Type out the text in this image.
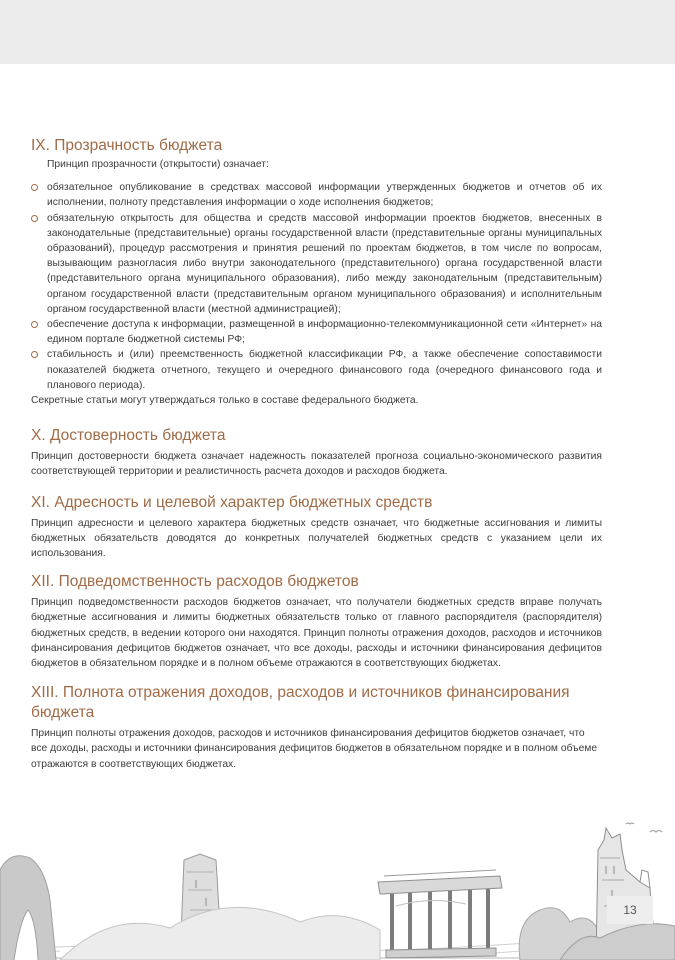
IX. Прозрачность бюджета

Принцип прозрачности (открытости) означает:

обязательное опубликование в средствах массовой информации утвержденных бюджетов и отчетов об их исполнении, полноту представления информации о ходе исполнения бюджетов;
обязательную открытость для общества и средств массовой информации проектов бюджетов, внесенных в законодательные (представительные) органы государственной власти (представительные органы муниципальных образований), процедур рассмотрения и принятия решений по проектам бюджетов, в том числе по вопросам, вызывающим разногласия либо внутри законодательного (представительного) органа государственной власти (представительного органа муниципального образования), либо между законодательным (представительным) органом государственной власти (представительным органом муниципального образования) и исполнительным органом государственной власти (местной администрацией);
обеспечение доступа к информации, размещенной в информационно-телекоммуникационной сети «Интернет» на едином портале бюджетной системы РФ;
стабильность и (или) преемственность бюджетной классификации РФ, а также обеспечение сопоставимости показателей бюджета отчетного, текущего и очередного финансового года (очередного финансового года и планового периода).

Секретные статьи могут утверждаться только в составе федерального бюджета.

X. Достоверность бюджета

Принцип достоверности бюджета означает надежность показателей прогноза социально-экономического развития соответствующей территории и реалистичность расчета доходов и расходов бюджета.

XI. Адресность и целевой характер бюджетных средств

Принцип адресности и целевого характера бюджетных средств означает, что бюджетные ассигнования и лимиты бюджетных обязательств доводятся до конкретных получателей бюджетных средств с указанием цели их использования.

XII. Подведомственность расходов бюджетов

Принцип подведомственности расходов бюджетов означает, что получатели бюджетных средств вправе получать бюджетные ассигнования и лимиты бюджетных обязательств только от главного распорядителя (распорядителя) бюджетных средств, в ведении которого они находятся. Принцип полноты отражения доходов, расходов и источников финансирования дефицитов бюджетов означает, что все доходы, расходы и источники финансирования дефицитов бюджетов в обязательном порядке и в полном объеме отражаются в соответствующих бюджетах.

XIII. Полнота отражения доходов, расходов и источников финансирования бюджета

Принцип полноты отражения доходов, расходов и источников финансирования дефицитов бюджетов означает, что все доходы, расходы и источники финансирования дефицитов бюджетов в обязательном порядке и в полном объеме отражаются в соответствующих бюджетах.

13
